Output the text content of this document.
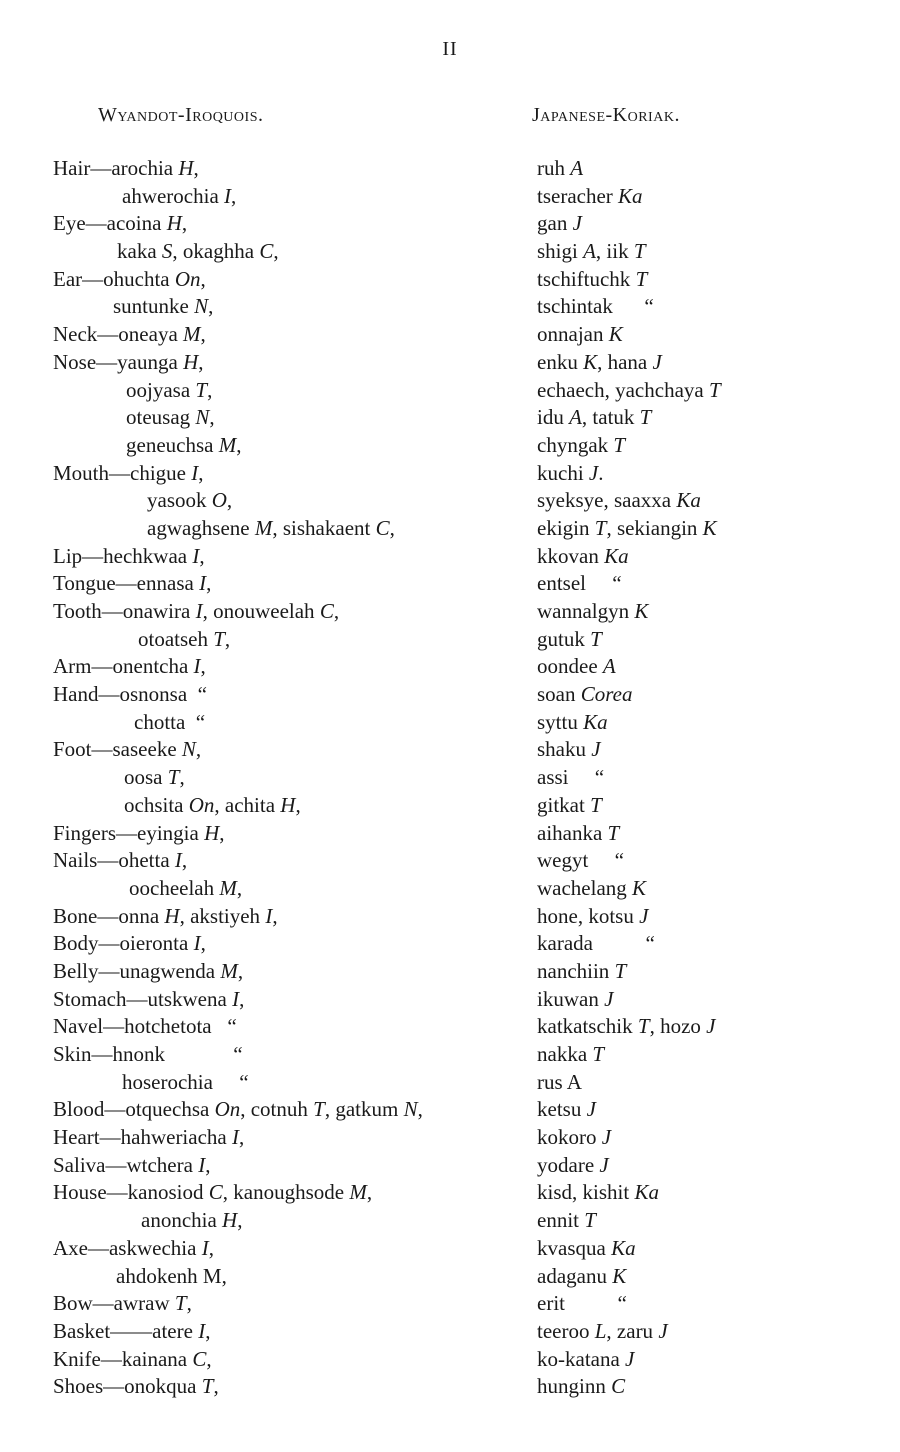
II
Wyandot-Iroquois.	Japanese-Koriak.
Hair—arochia H,
ahwerochia I,
Eye—acoina H,
kaka S, okaghha C,
Ear—ohuchta On,
suntunke N,
Neck—oneaya M,
Nose—yaunga H,
oojyasa T,
oteusag N,
geneuchsa M,
Mouth—chigue I,
yasook O,
agwaghsene M, sishakaent C,
Lip—hechkwaa I,
Tongue—ennasa I,
Tooth—onawira I, onouweelah C,
otoatseh T,
Arm—onentcha I,
Hand—osnonsa  “
chotta  “
Foot—saseeke N,
oosa T,
ochsita On, achita H,
Fingers—eyingia H,
Nails—ohetta I,
oocheelah M,
Bone—onna H, akstiyeh I,
Body—oieronta I,
Belly—unagwenda M,
Stomach—utskwena I,
Navel—hotchetota   “
Skin—hnonk             “
hoserochia     “
Blood—otquechsa On, cotnuh T, gatkum N,
Heart—hahweriacha I,
Saliva—wtchera I,
House—kanosiod C, kanoughsode M,
anonchia H,
Axe—askwechia I,
ahdokenh M,
Bow—awraw T,
Basket——atere I,
Knife—kainana C,
Shoes—onokqua T,
ruh A
tseracher Ka
gan J
shigi A, iik T
tschiftuchk T
tschintak      “
onnajan K
enku K, hana J
echaech, yachchaya T
idu A, tatuk T
chyngak T
kuchi J.
syeksye, saaxxa Ka
ekigin T, sekiangin K
kkovan Ka
entsel     “
wannalgyn K
gutuk T
oondee A
soan Corea
syttu Ka
shaku J
assi     “
gitkat T
aihanka T
wegyt     “
wachelang K
hone, kotsu J
karada          “
nanchiin T
ikuwan J
katkatschik T, hozo J
nakka T
rus A
ketsu J
kokoro J
yodare J
kisd, kishit Ka
ennit T
kvasqua Ka
adaganu K
erit          “
teeroo L, zaru J
ko-katana J
hunginn C
